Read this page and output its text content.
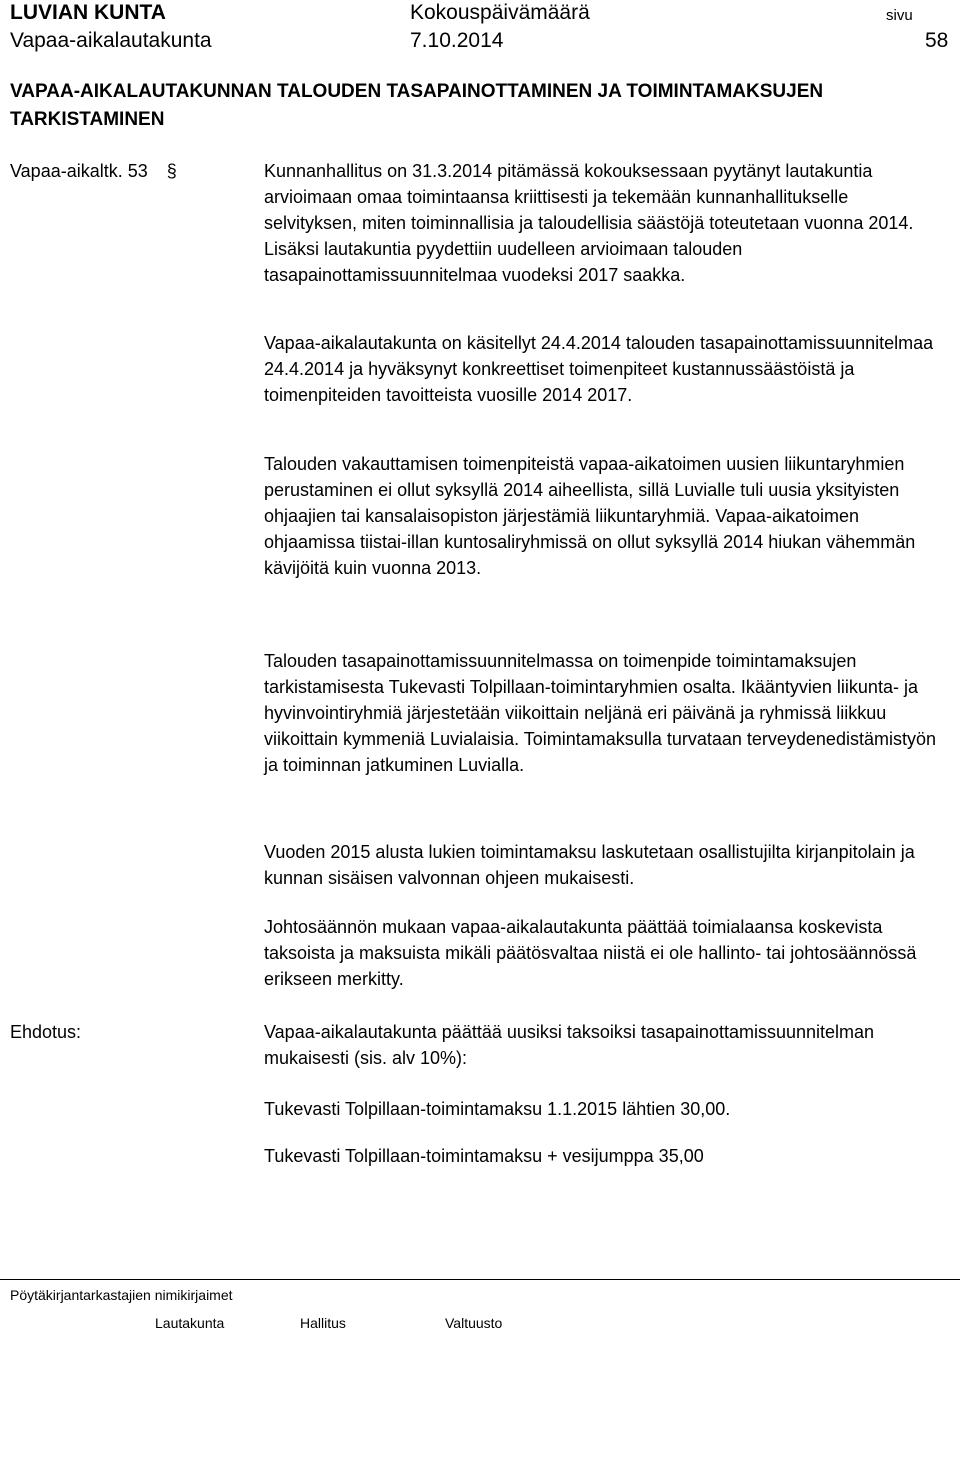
LUVIAN KUNTA
Vapaa-aikalautakunta
Kokouspäivämäärä
7.10.2014
sivu
58
VAPAA-AIKALAUTAKUNNAN TALOUDEN TASAPAINOTTAMINEN JA TOIMINTAMAKSUJEN TARKISTAMINEN
Vapaa-aikaltk. 53 §	Kunnanhallitus on 31.3.2014 pitämässä kokouksessaan pyytänyt lautakuntia arvioimaan omaa toimintaansa kriittisesti ja tekemään kunnanhallitukselle selvityksen, miten toiminnallisia ja taloudellisia säästöjä toteutetaan vuonna 2014. Lisäksi lautakuntia pyydettiin uudelleen arvioimaan talouden tasapainottamissuunnitelmaa vuodeksi 2017 saakka.

Vapaa-aikalautakunta on käsitellyt 24.4.2014 talouden tasapainottamissuunnitelmaa 24.4.2014 ja hyväksynyt konkreettiset toimenpiteet kustannussäästöistä ja toimenpiteiden tavoitteista vuosille 2014 2017.

Talouden vakauttamisen toimenpiteistä vapaa-aikatoimen uusien liikuntaryhmien perustaminen ei ollut syksyllä 2014 aiheellista, sillä Luvialle tuli uusia yksityisten ohjaajien tai kansalaisopiston järjestämiä liikuntaryhmiä. Vapaa-aikatoimen ohjaamissa tiistai-illan kuntosaliryhmissä on ollut syksyllä 2014 hiukan vähemmän kävijöitä kuin vuonna 2013.

Talouden tasapainottamissuunnitelmassa on toimenpide toimintamaksujen tarkistamisesta Tukevasti Tolpillaan-toimintaryhmien osalta. Ikääntyvien liikunta- ja hyvinvointiryhmiä järjestetään viikoittain neljänä eri päivänä ja ryhmissä liikkuu viikoittain kymmeniä Luvialaisia. Toimintamaksulla turvataan terveydenedistämistyön ja toiminnan jatkuminen Luvialla.

Vuoden 2015 alusta lukien toimintamaksu laskutetaan osallistujilta kirjanpitolain ja kunnan sisäisen valvonnan ohjeen mukaisesti.

Johtosäännön mukaan vapaa-aikalautakunta päättää toimialaansa koskevista taksoista ja maksuista mikäli päätösvaltaa niistä ei ole hallinto- tai johtosäännössä erikseen merkitty.

Ehdotus:	Vapaa-aikalautakunta päättää uusiksi taksoiksi tasapainottamissuunnitelman mukaisesti (sis. alv 10%):

Tukevasti Tolpillaan-toimintamaksu 1.1.2015 lähtien 30,00.

Tukevasti Tolpillaan-toimintamaksu + vesijumppa 35,00

Pöytäkirjantarkastajien nimikirjaimet
Lautakunta	Hallitus	Valtuusto
